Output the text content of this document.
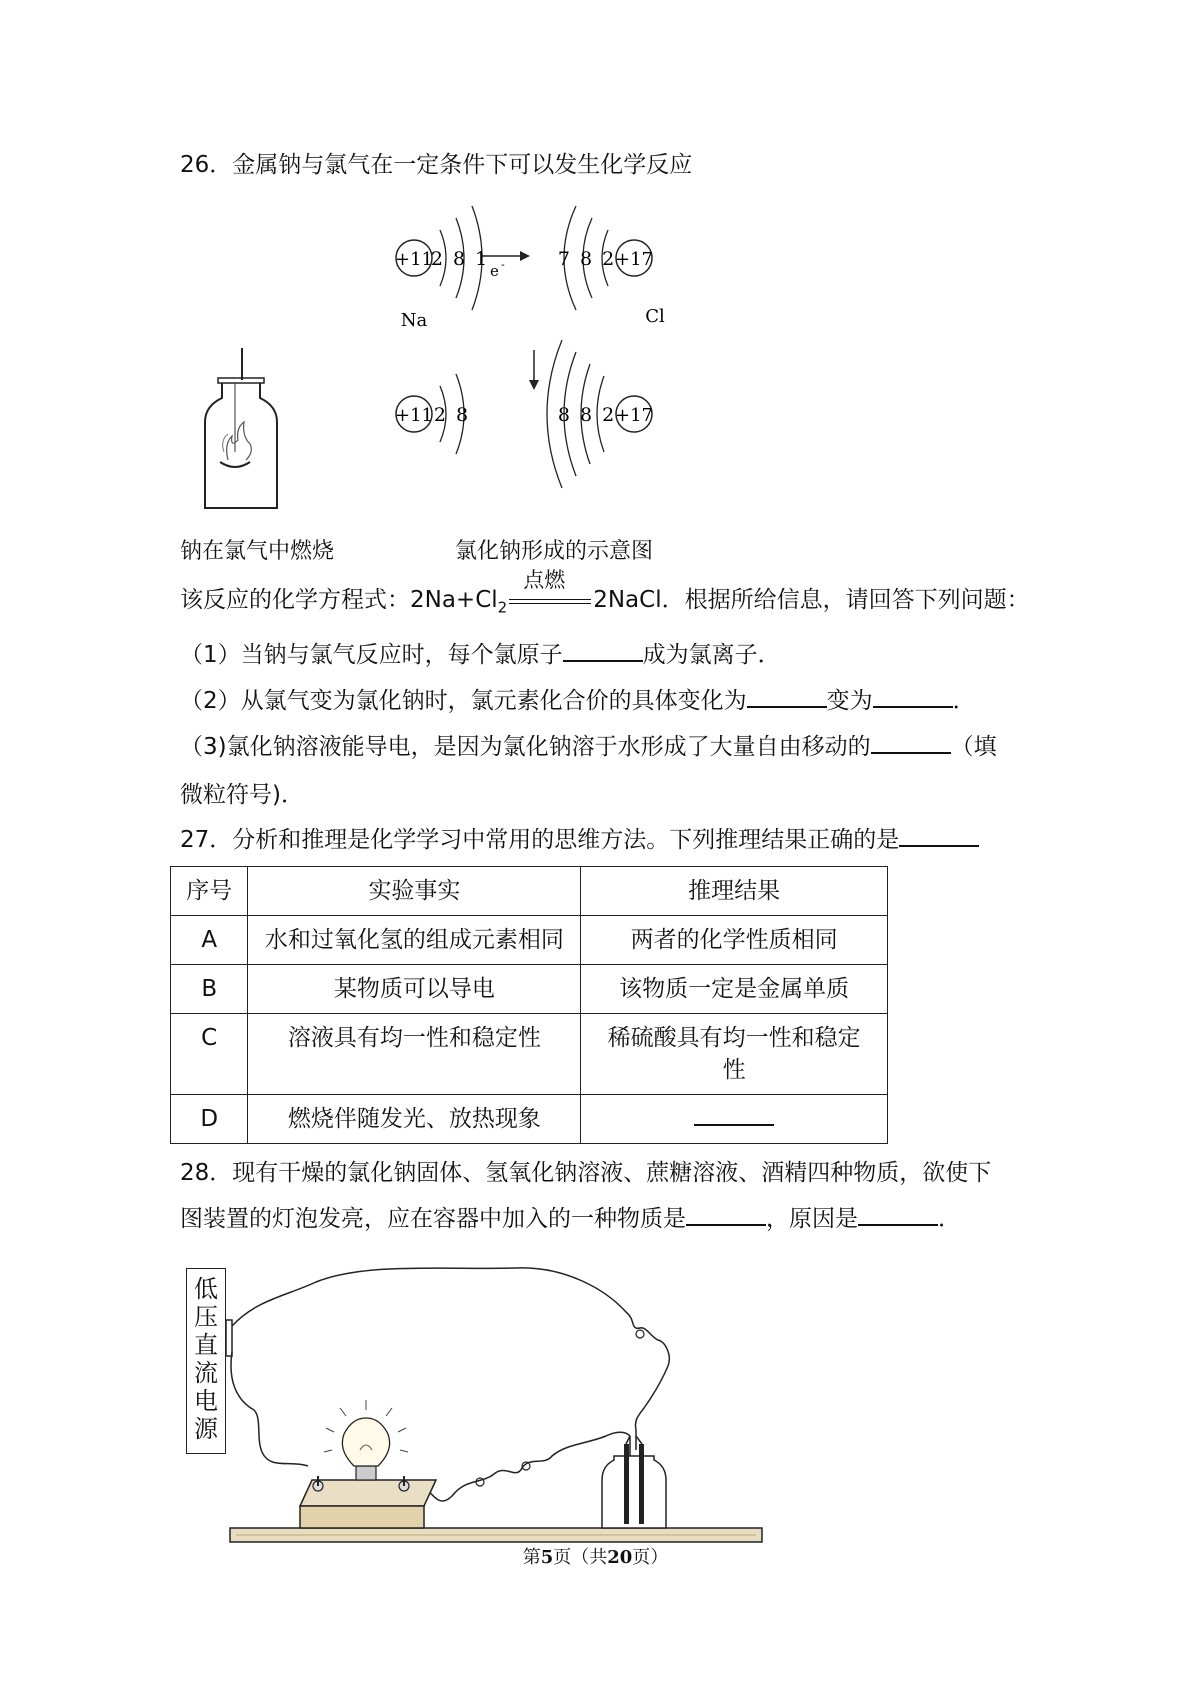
26．金属钠与氯气在一定条件下可以发生化学反应
+11
2 8 1
e -	7 8 2
+17
Na	Cl
+11 2 8	8 8 2
+17
钠在氯气中燃烧	氯化钠形成的示意图
该反应的化学方程式：$2Na+Cl_2$
点燃
2NaCl．根据所给信息，请回答下列问题：
（1）当钠与氯气反应时，每个氯原子	成为氯离子．
（2）从氯气变为氯化钠时，氯元素化合价的具体变化为	变为	．
（3)氯化钠溶液能导电，是因为氯化钠溶于水形成了大量自由移动的	（填
微粒符号)．
27．分析和推理是化学学习中常用的思维方法。下列推理结果正确的是
序号	实验事实	推理结果
A	水和过氧化氢的组成元素相同	两者的化学性质相同
B	某物质可以导电	该物质一定是金属单质
C	溶液具有均一性和稳定性	稀硫酸具有均一性和稳定性
D	燃烧伴随发光、放热现象	
28．现有干燥的氯化钠固体、氢氧化钠溶液、蔗糖溶液、酒精四种物质，欲使下
图装置的灯泡发亮，应在容器中加入的一种物质是	，原因是	．
低
压
直
流
电
源
第5页（共20页）
